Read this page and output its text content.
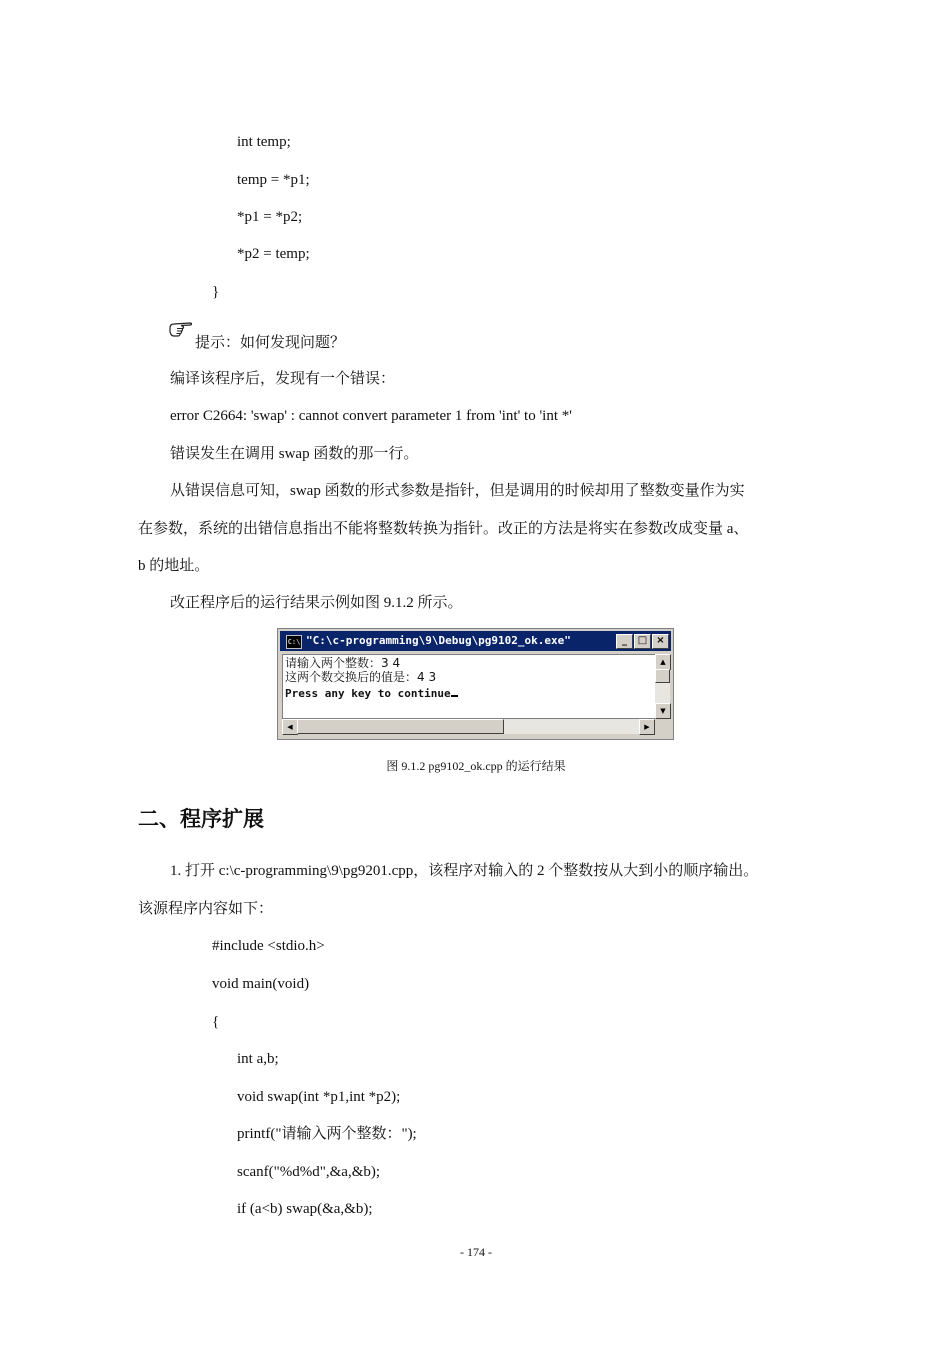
int temp;
temp = *p1;
*p1 = *p2;
*p2 = temp;
}
提示：如何发现问题？
编译该程序后，发现有一个错误：
error C2664: 'swap' : cannot convert parameter 1 from 'int' to 'int *'
错误发生在调用 swap 函数的那一行。
从错误信息可知，swap 函数的形式参数是指针，但是调用的时候却用了整数变量作为实
在参数，系统的出错信息指出不能将整数转换为指针。改正的方法是将实在参数改成变量 a、
b 的地址。
改正程序后的运行结果示例如图 9.1.2 所示。
C:\ "C:\c-programming\9\Debug\pg9102_ok.exe"	_	□ ×
请输入两个整数：3 4
这两个数交换后的值是：4 3
Press any key to continue
▲
▼
◀	▶
图 9.1.2 pg9102_ok.cpp 的运行结果
二、程序扩展
1. 打开 c:\c-programming\9\pg9201.cpp，该程序对输入的 2 个整数按从大到小的顺序输出。
该源程序内容如下：
#include <stdio.h>
void main(void)
{
int a,b;
void swap(int *p1,int *p2);
printf("请输入两个整数：");
scanf("%d%d",&a,&b);
if (a<b) swap(&a,&b);
- 174 -
